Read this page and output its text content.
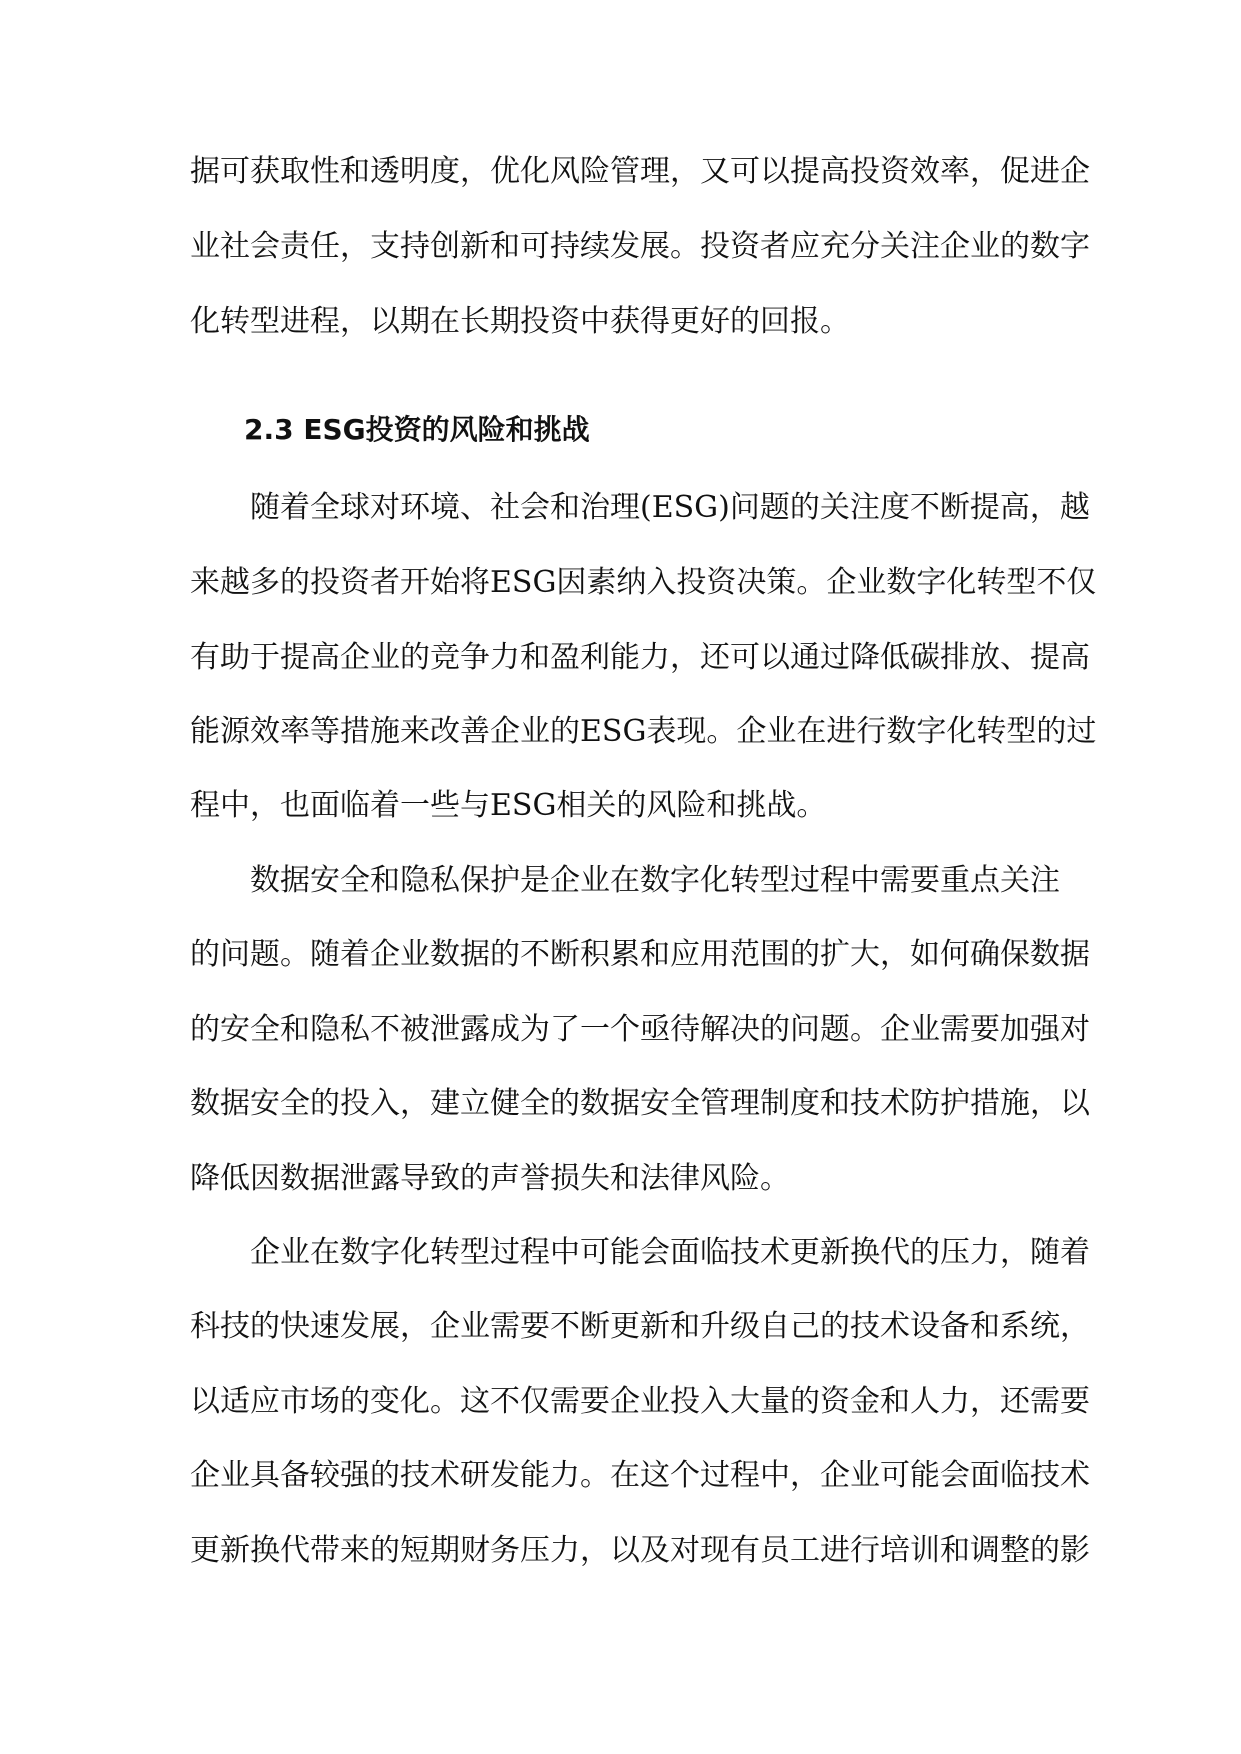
据可获取性和透明度，优化风险管理，又可以提高投资效率，促进企
业社会责任，支持创新和可持续发展。投资者应充分关注企业的数字
化转型进程，以期在长期投资中获得更好的回报。
2.3 ESG投资的风险和挑战
随着全球对环境、社会和治理(ESG)问题的关注度不断提高，越
来越多的投资者开始将ESG因素纳入投资决策。企业数字化转型不仅
有助于提高企业的竞争力和盈利能力，还可以通过降低碳排放、提高
能源效率等措施来改善企业的ESG表现。企业在进行数字化转型的过
程中，也面临着一些与ESG相关的风险和挑战。
数据安全和隐私保护是企业在数字化转型过程中需要重点关注
的问题。随着企业数据的不断积累和应用范围的扩大，如何确保数据
的安全和隐私不被泄露成为了一个亟待解决的问题。企业需要加强对
数据安全的投入，建立健全的数据安全管理制度和技术防护措施，以
降低因数据泄露导致的声誉损失和法律风险。
企业在数字化转型过程中可能会面临技术更新换代的压力，随着
科技的快速发展，企业需要不断更新和升级自己的技术设备和系统，
以适应市场的变化。这不仅需要企业投入大量的资金和人力，还需要
企业具备较强的技术研发能力。在这个过程中，企业可能会面临技术
更新换代带来的短期财务压力，以及对现有员工进行培训和调整的影
